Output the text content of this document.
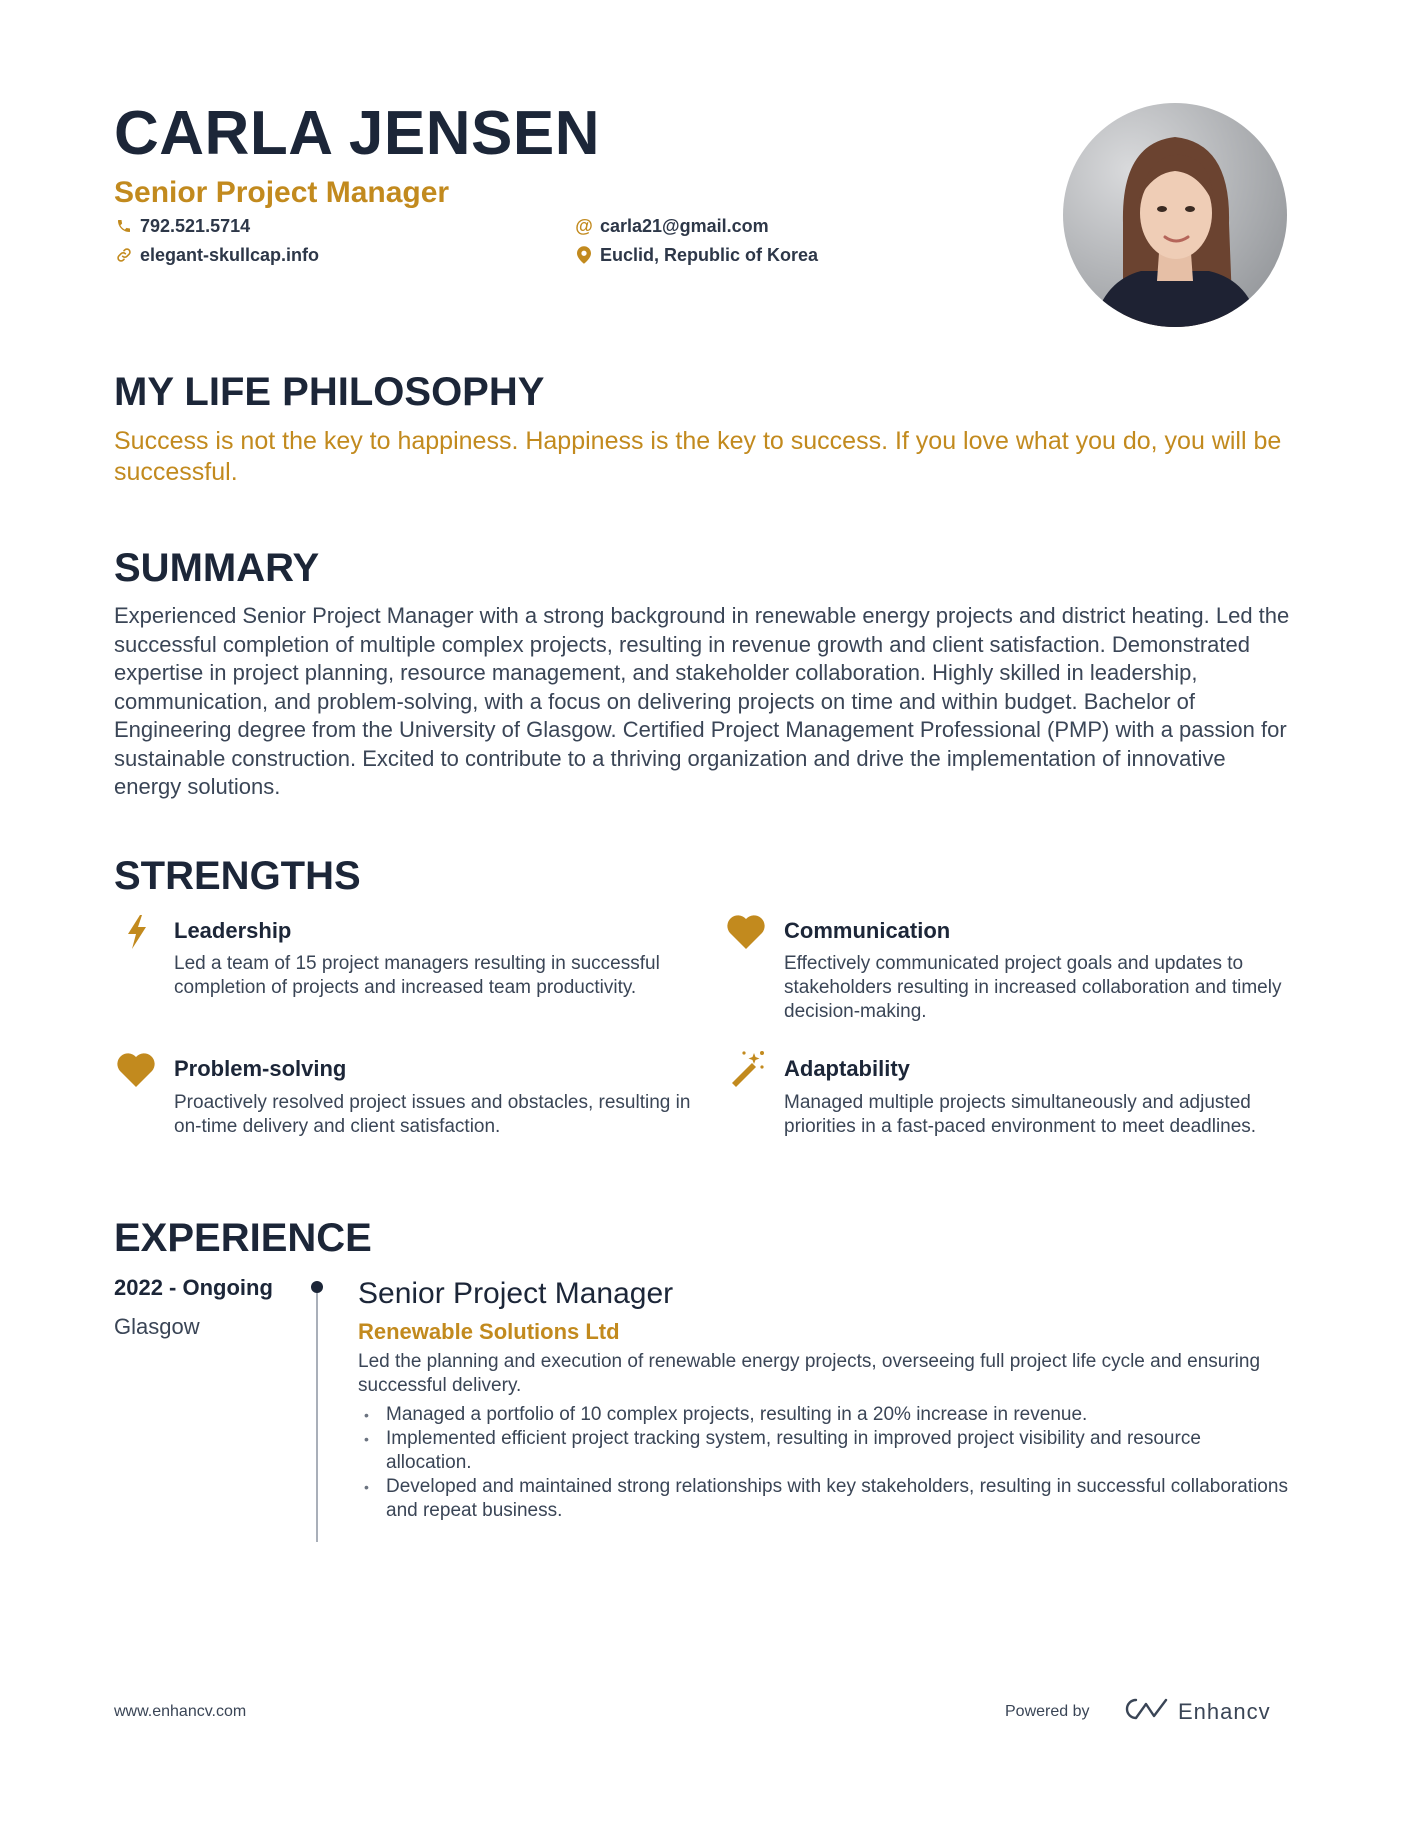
CARLA JENSEN
Senior Project Manager
792.521.5714	@ carla21@gmail.com
elegant-skullcap.info	Euclid, Republic of Korea
MY LIFE PHILOSOPHY
Success is not the key to happiness. Happiness is the key to success. If you love what you do, you will be successful.
SUMMARY
Experienced Senior Project Manager with a strong background in renewable energy projects and district heating. Led the successful completion of multiple complex projects, resulting in revenue growth and client satisfaction. Demonstrated expertise in project planning, resource management, and stakeholder collaboration. Highly skilled in leadership, communication, and problem-solving, with a focus on delivering projects on time and within budget. Bachelor of Engineering degree from the University of Glasgow. Certified Project Management Professional (PMP) with a passion for sustainable construction. Excited to contribute to a thriving organization and drive the implementation of innovative energy solutions.
STRENGTHS
Leadership
Led a team of 15 project managers resulting in successful completion of projects and increased team productivity.
Communication
Effectively communicated project goals and updates to stakeholders resulting in increased collaboration and timely decision-making.
Problem-solving
Proactively resolved project issues and obstacles, resulting in on-time delivery and client satisfaction.
Adaptability
Managed multiple projects simultaneously and adjusted priorities in a fast-paced environment to meet deadlines.
EXPERIENCE
2022 - Ongoing
Glasgow
Senior Project Manager
Renewable Solutions Ltd
Led the planning and execution of renewable energy projects, overseeing full project life cycle and ensuring successful delivery.
• Managed a portfolio of 10 complex projects, resulting in a 20% increase in revenue.
• Implemented efficient project tracking system, resulting in improved project visibility and resource allocation.
• Developed and maintained strong relationships with key stakeholders, resulting in successful collaborations and repeat business.
www.enhancv.com	Powered by	Enhancv
